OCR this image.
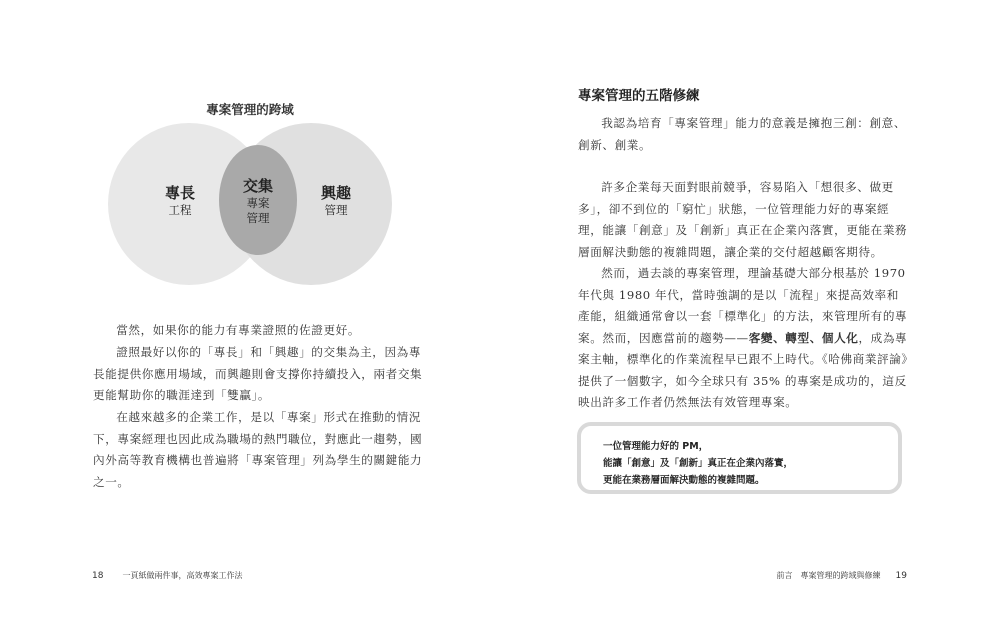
專案管理的跨域
專長
工程
交集
專案
管理
興趣
管理

當然，如果你的能力有專業證照的佐證更好。

證照最好以你的「專長」和「興趣」的交集為主，因為專長能提供你應用場域，而興趣則會支撐你持續投入，兩者交集更能幫助你的職涯達到「雙贏」。

在越來越多的企業工作，是以「專案」形式在推動的情況下，專案經理也因此成為職場的熱門職位，對應此一趨勢，國內外高等教育機構也普遍將「專案管理」列為學生的關鍵能力之一。

18 一頁紙做兩件事，高效專案工作法
專案管理的五階修練

我認為培育「專案管理」能力的意義是擁抱三創：創意、創新、創業。

許多企業每天面對眼前競爭，容易陷入「想很多、做更多」，卻不到位的「窮忙」狀態，一位管理能力好的專案經理，能讓「創意」及「創新」真正在企業內落實，更能在業務層面解決動態的複雜問題，讓企業的交付超越顧客期待。

然而，過去談的專案管理，理論基礎大部分根基於 1970 年代與 1980 年代，當時強調的是以「流程」來提高效率和產能，組織通常會以一套「標準化」的方法，來管理所有的專案。然而，因應當前的趨勢——客變、轉型、個人化，成為專案主軸，標準化的作業流程早已跟不上時代。《哈佛商業評論》提供了一個數字，如今全球只有 35% 的專案是成功的，這反映出許多工作者仍然無法有效管理專案。

一位管理能力好的 PM，
能讓「創意」及「創新」真正在企業內落實，
更能在業務層面解決動態的複雜問題。
前言　專案管理的跨域與修練 19
